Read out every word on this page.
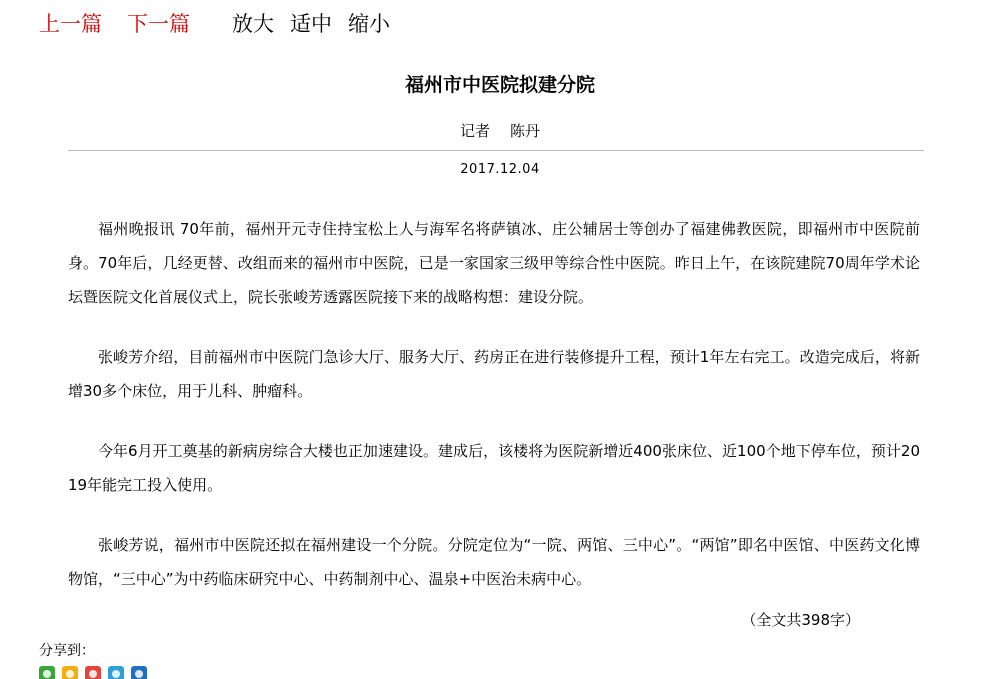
上一篇 下一篇 放大 适中 缩小
福州市中医院拟建分院
记者 陈丹
2017.12.04

福州晚报讯 70年前，福州开元寺住持宝松上人与海军名将萨镇冰、庄公辅居士等创办了福建佛教医院，即福州市中医院前身。70年后，几经更替、改组而来的福州市中医院，已是一家国家三级甲等综合性中医院。昨日上午，在该院建院70周年学术论坛暨医院文化首展仪式上，院长张峻芳透露医院接下来的战略构想：建设分院。

张峻芳介绍，目前福州市中医院门急诊大厅、服务大厅、药房正在进行装修提升工程，预计1年左右完工。改造完成后，将新增30多个床位，用于儿科、肿瘤科。

今年6月开工奠基的新病房综合大楼也正加速建设。建成后，该楼将为医院新增近400张床位、近100个地下停车位，预计2019年能完工投入使用。

张峻芳说，福州市中医院还拟在福州建设一个分院。分院定位为“一院、两馆、三中心”。“两馆”即名中医馆、中医药文化博物馆，“三中心”为中药临床研究中心、中药制剂中心、温泉+中医治未病中心。

（全文共398字）
分享到：
